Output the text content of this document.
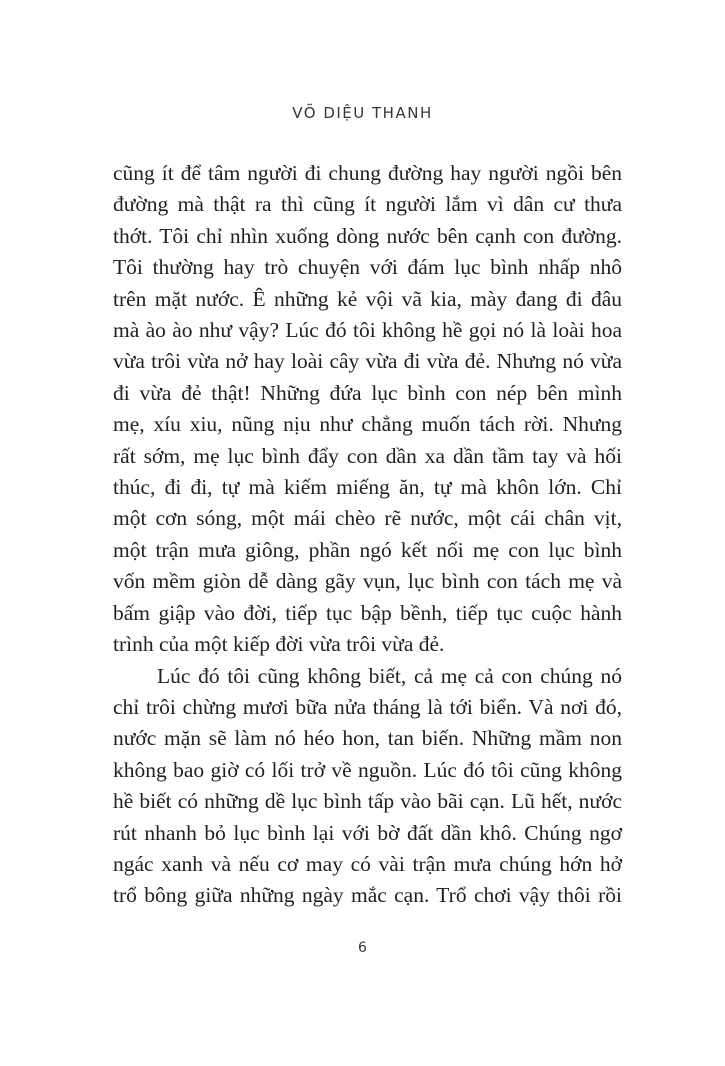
VÕ DIỆU THANH
cũng ít để tâm người đi chung đường hay người ngồi bên
đường mà thật ra thì cũng ít người lắm vì dân cư thưa
thớt. Tôi chỉ nhìn xuống dòng nước bên cạnh con đường.
Tôi thường hay trò chuyện với đám lục bình nhấp nhô
trên mặt nước. Ê những kẻ vội vã kia, mày đang đi đâu
mà ào ào như vậy? Lúc đó tôi không hề gọi nó là loài hoa
vừa trôi vừa nở hay loài cây vừa đi vừa đẻ. Nhưng nó vừa
đi vừa đẻ thật! Những đứa lục bình con nép bên mình
mẹ, xíu xiu, nũng nịu như chẳng muốn tách rời. Nhưng
rất sớm, mẹ lục bình đẩy con dần xa dần tầm tay và hối
thúc, đi đi, tự mà kiếm miếng ăn, tự mà khôn lớn. Chỉ
một cơn sóng, một mái chèo rẽ nước, một cái chân vịt,
một trận mưa giông, phần ngó kết nối mẹ con lục bình
vốn mềm giòn dễ dàng gãy vụn, lục bình con tách mẹ và
bấm giập vào đời, tiếp tục bập bềnh, tiếp tục cuộc hành
trình của một kiếp đời vừa trôi vừa đẻ.
Lúc đó tôi cũng không biết, cả mẹ cả con chúng nó
chỉ trôi chừng mươi bữa nửa tháng là tới biển. Và nơi đó,
nước mặn sẽ làm nó héo hon, tan biến. Những mầm non
không bao giờ có lối trở về nguồn. Lúc đó tôi cũng không
hề biết có những dề lục bình tấp vào bãi cạn. Lũ hết, nước
rút nhanh bỏ lục bình lại với bờ đất dần khô. Chúng ngơ
ngác xanh và nếu cơ may có vài trận mưa chúng hớn hở
trổ bông giữa những ngày mắc cạn. Trổ chơi vậy thôi rồi
6
